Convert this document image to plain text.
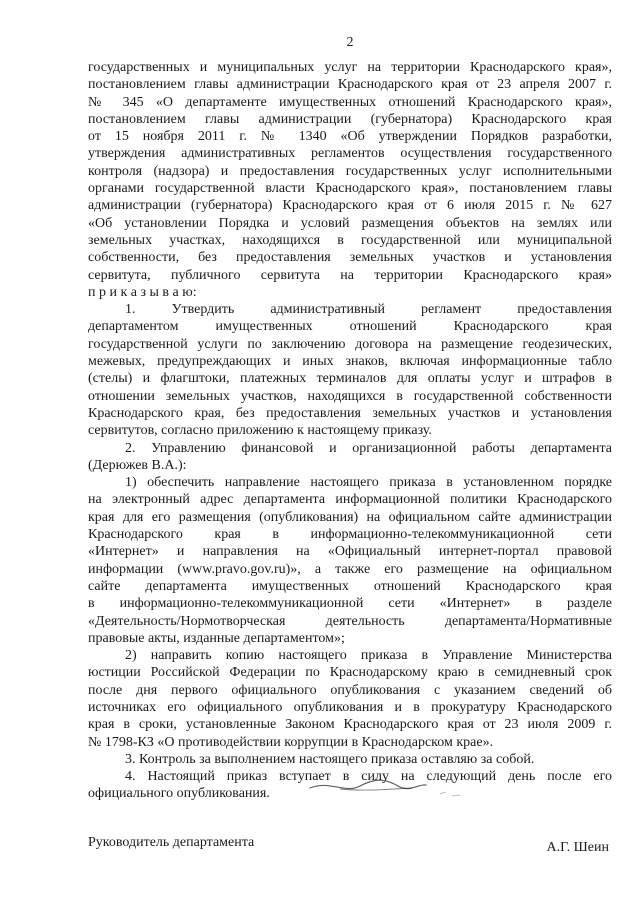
2
государственных и муниципальных услуг на территории Краснодарского края»,
постановлением главы администрации Краснодарского края от 23 апреля 2007 г.
№ 345 «О департаменте имущественных отношений Краснодарского края»,
постановлением главы администрации (губернатора) Краснодарского края
от 15 ноября 2011 г. № 1340 «Об утверждении Порядков разработки,
утверждения административных регламентов осуществления государственного
контроля (надзора) и предоставления государственных услуг исполнительными
органами государственной власти Краснодарского края», постановлением главы
администрации (губернатора) Краснодарского края от 6 июля 2015 г. № 627
«Об установлении Порядка и условий размещения объектов на землях или
земельных участках, находящихся в государственной или муниципальной
собственности, без предоставления земельных участков и установления
сервитута, публичного сервитута на территории Краснодарского края»
п р и к а з ы в а ю:
1. Утвердить административный регламент предоставления
департаментом имущественных отношений Краснодарского края
государственной услуги по заключению договора на размещение геодезических,
межевых, предупреждающих и иных знаков, включая информационные табло
(стелы) и флагштоки, платежных терминалов для оплаты услуг и штрафов в
отношении земельных участков, находящихся в государственной собственности
Краснодарского края, без предоставления земельных участков и установления
сервитутов, согласно приложению к настоящему приказу.
2. Управлению финансовой и организационной работы департамента
(Дерюжев В.А.):
1) обеспечить направление настоящего приказа в установленном порядке
на электронный адрес департамента информационной политики Краснодарского
края для его размещения (опубликования) на официальном сайте администрации
Краснодарского края в информационно-телекоммуникационной сети
«Интернет» и направления на «Официальный интернет-портал правовой
информации (www.pravo.gov.ru)», а также его размещение на официальном
сайте департамента имущественных отношений Краснодарского края
в информационно-телекоммуникационной сети «Интернет» в разделе
«Деятельность/Нормотворческая деятельность департамента/Нормативные
правовые акты, изданные департаментом»;
2) направить копию настоящего приказа в Управление Министерства
юстиции Российской Федерации по Краснодарскому краю в семидневный срок
после дня первого официального опубликования с указанием сведений об
источниках его официального опубликования и в прокуратуру Краснодарского
края в сроки, установленные Законом Краснодарского края от 23 июля 2009 г.
№ 1798-КЗ «О противодействии коррупции в Краснодарском крае».
3. Контроль за выполнением настоящего приказа оставляю за собой.
4. Настоящий приказ вступает в силу на следующий день после его
официального опубликования.
Руководитель департамента	А.Г. Шеин
